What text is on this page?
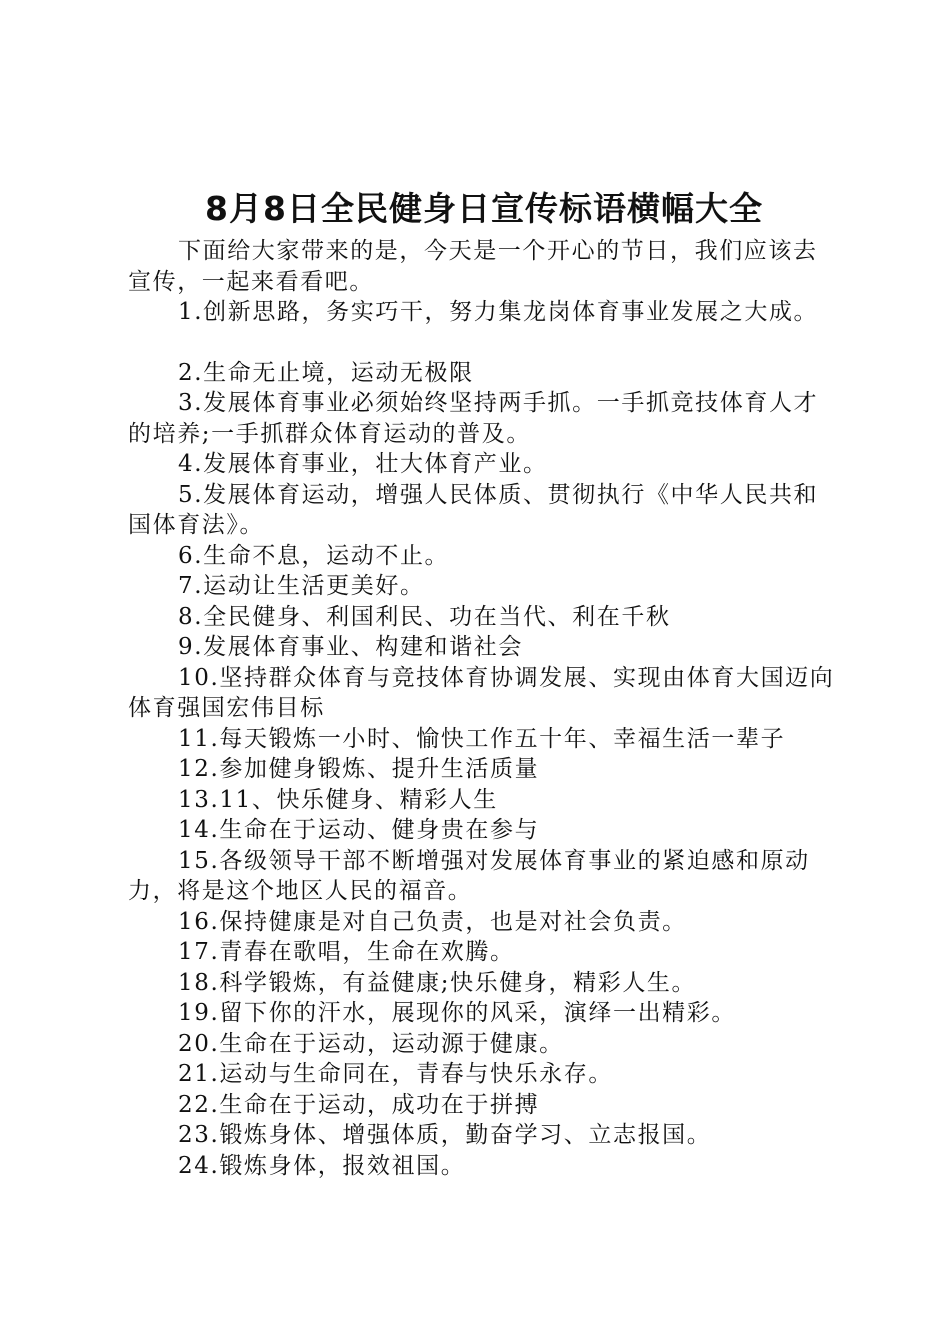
8月8日全民健身日宣传标语横幅大全

下面给大家带来的是，今天是一个开心的节日，我们应该去宣传，一起来看看吧。

1.创新思路，务实巧干，努力集龙岗体育事业发展之大成。

2.生命无止境，运动无极限

3.发展体育事业必须始终坚持两手抓。一手抓竞技体育人才的培养;一手抓群众体育运动的普及。

4.发展体育事业，壮大体育产业。

5.发展体育运动，增强人民体质、贯彻执行《中华人民共和国体育法》。

6.生命不息，运动不止。

7.运动让生活更美好。

8.全民健身、利国利民、功在当代、利在千秋

9.发展体育事业、构建和谐社会

10.坚持群众体育与竞技体育协调发展、实现由体育大国迈向体育强国宏伟目标

11.每天锻炼一小时、愉快工作五十年、幸福生活一辈子

12.参加健身锻炼、提升生活质量

13.11、快乐健身、精彩人生

14.生命在于运动、健身贵在参与

15.各级领导干部不断增强对发展体育事业的紧迫感和原动力，将是这个地区人民的福音。

16.保持健康是对自己负责，也是对社会负责。

17.青春在歌唱，生命在欢腾。

18.科学锻炼，有益健康;快乐健身，精彩人生。

19.留下你的汗水，展现你的风采，演绎一出精彩。

20.生命在于运动，运动源于健康。

21.运动与生命同在，青春与快乐永存。

22.生命在于运动，成功在于拼搏

23.锻炼身体、增强体质，勤奋学习、立志报国。

24.锻炼身体，报效祖国。
